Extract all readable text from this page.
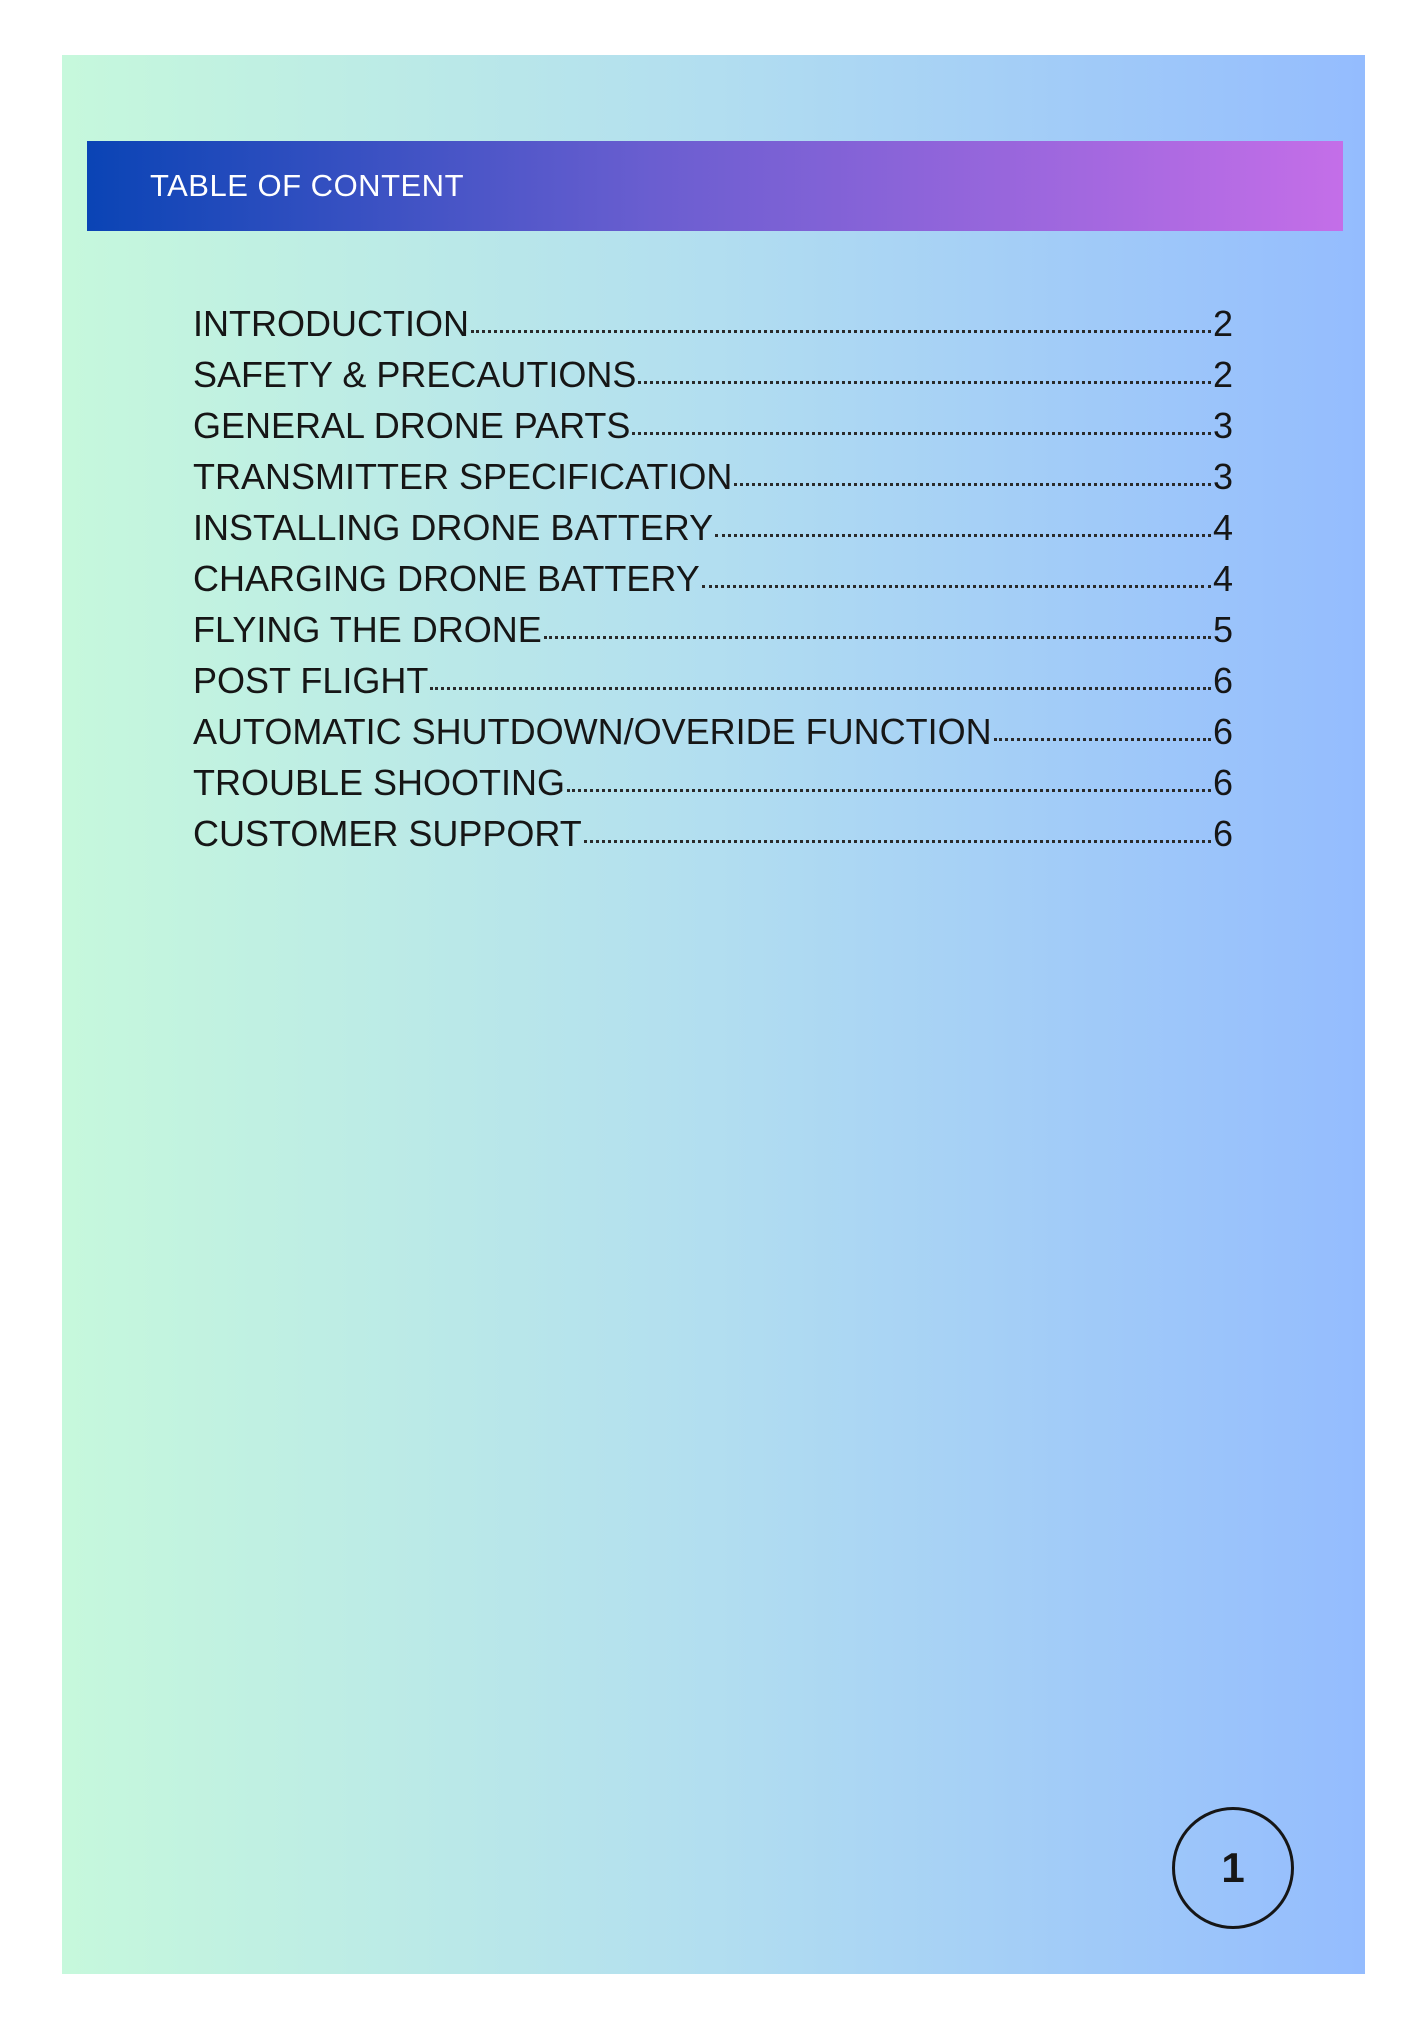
TABLE OF CONTENT
INTRODUCTION	2
SAFETY & PRECAUTIONS	2
GENERAL DRONE PARTS	3
TRANSMITTER SPECIFICATION	3
INSTALLING DRONE BATTERY	4
CHARGING DRONE BATTERY	4
FLYING THE DRONE	5
POST FLIGHT	6
AUTOMATIC SHUTDOWN/OVERIDE FUNCTION	6
TROUBLE SHOOTING	6
CUSTOMER SUPPORT	6
1
